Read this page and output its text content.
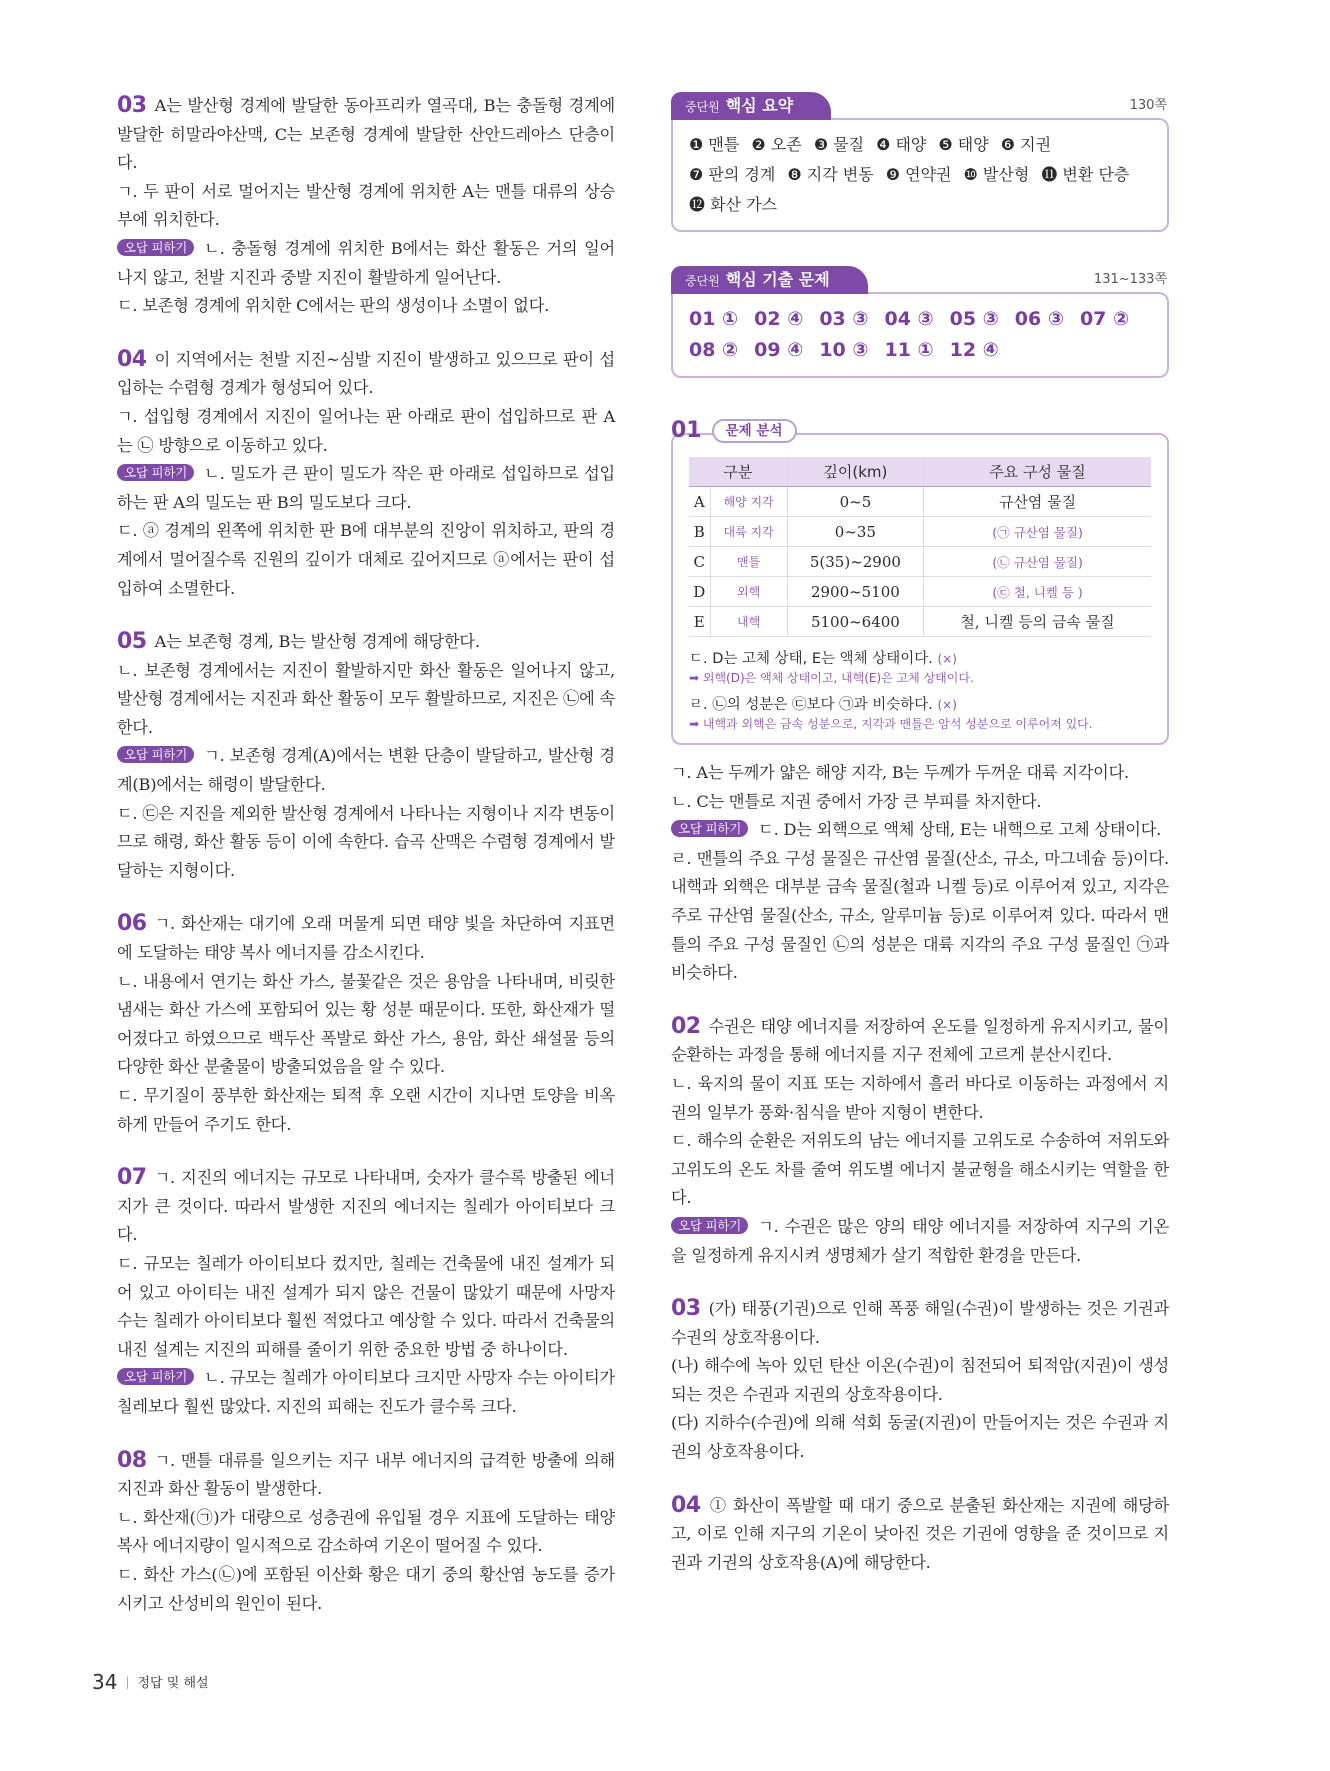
03 A는 발산형 경계에 발달한 동아프리카 열곡대, B는 충돌형 경계에 발달한 히말라야산맥, C는 보존형 경계에 발달한 산안드레아스 단층이다.

ㄱ. 두 판이 서로 멀어지는 발산형 경계에 위치한 A는 맨틀 대류의 상승부에 위치한다.

오답 피하기 ㄴ. 충돌형 경계에 위치한 B에서는 화산 활동은 거의 일어나지 않고, 천발 지진과 중발 지진이 활발하게 일어난다.

ㄷ. 보존형 경계에 위치한 C에서는 판의 생성이나 소멸이 없다.

04 이 지역에서는 천발 지진~심발 지진이 발생하고 있으므로 판이 섭입하는 수렴형 경계가 형성되어 있다.

ㄱ. 섭입형 경계에서 지진이 일어나는 판 아래로 판이 섭입하므로 판 A는 ㉡ 방향으로 이동하고 있다.

오답 피하기 ㄴ. 밀도가 큰 판이 밀도가 작은 판 아래로 섭입하므로 섭입하는 판 A의 밀도는 판 B의 밀도보다 크다.

ㄷ. ⓐ 경계의 왼쪽에 위치한 판 B에 대부분의 진앙이 위치하고, 판의 경계에서 멀어질수록 진원의 깊이가 대체로 깊어지므로 ⓐ에서는 판이 섭입하여 소멸한다.

05 A는 보존형 경계, B는 발산형 경계에 해당한다.

ㄴ. 보존형 경계에서는 지진이 활발하지만 화산 활동은 일어나지 않고, 발산형 경계에서는 지진과 화산 활동이 모두 활발하므로, 지진은 ㉡에 속한다.

오답 피하기 ㄱ. 보존형 경계(A)에서는 변환 단층이 발달하고, 발산형 경계(B)에서는 해령이 발달한다.

ㄷ. ㉢은 지진을 제외한 발산형 경계에서 나타나는 지형이나 지각 변동이므로 해령, 화산 활동 등이 이에 속한다. 습곡 산맥은 수렴형 경계에서 발달하는 지형이다.

06 ㄱ. 화산재는 대기에 오래 머물게 되면 태양 빛을 차단하여 지표면에 도달하는 태양 복사 에너지를 감소시킨다.

ㄴ. 내용에서 연기는 화산 가스, 불꽃같은 것은 용암을 나타내며, 비릿한 냄새는 화산 가스에 포함되어 있는 황 성분 때문이다. 또한, 화산재가 떨어졌다고 하였으므로 백두산 폭발로 화산 가스, 용암, 화산 쇄설물 등의 다양한 화산 분출물이 방출되었음을 알 수 있다.

ㄷ. 무기질이 풍부한 화산재는 퇴적 후 오랜 시간이 지나면 토양을 비옥하게 만들어 주기도 한다.

07 ㄱ. 지진의 에너지는 규모로 나타내며, 숫자가 클수록 방출된 에너지가 큰 것이다. 따라서 발생한 지진의 에너지는 칠레가 아이티보다 크다.

ㄷ. 규모는 칠레가 아이티보다 컸지만, 칠레는 건축물에 내진 설계가 되어 있고 아이티는 내진 설계가 되지 않은 건물이 많았기 때문에 사망자 수는 칠레가 아이티보다 훨씬 적었다고 예상할 수 있다. 따라서 건축물의 내진 설계는 지진의 피해를 줄이기 위한 중요한 방법 중 하나이다.

오답 피하기 ㄴ. 규모는 칠레가 아이티보다 크지만 사망자 수는 아이티가 칠레보다 훨씬 많았다. 지진의 피해는 진도가 클수록 크다.

08 ㄱ. 맨틀 대류를 일으키는 지구 내부 에너지의 급격한 방출에 의해 지진과 화산 활동이 발생한다.

ㄴ. 화산재(㉠)가 대량으로 성층권에 유입될 경우 지표에 도달하는 태양 복사 에너지량이 일시적으로 감소하여 기온이 떨어질 수 있다.

ㄷ. 화산 가스(㉡)에 포함된 이산화 황은 대기 중의 황산염 농도를 증가시키고 산성비의 원인이 된다.

중단원 핵심 요약	130쪽
❶ 맨틀 ❷ 오존 ❸ 물질 ❹ 태양 ❺ 태양 ❻ 지권
❼ 판의 경계 ❽ 지각 변동 ❾ 연약권 ❿ 발산형 ⓫ 변환 단층
⓬ 화산 가스
중단원 핵심 기출 문제	131~133쪽
01 ① 02 ④ 03 ③ 04 ③ 05 ③ 06 ③ 07 ②
08 ② 09 ④ 10 ③ 11 ① 12 ④
01	문제 분석
구분		깊이(km)	주요 구성 물질
A	해양 지각	0~5	규산염 물질
B	대륙 지각	0~35	(㉠ 규산염 물질)
C	맨틀	5(35)~2900	(㉡ 규산염 물질)
D	외핵	2900~5100	(㉢ 철, 니켈 등 )
E	내핵	5100~6400	철, 니켈 등의 금속 물질
ㄷ. D는 고체 상태, E는 액체 상태이다. (×)
➡ 외핵(D)은 액체 상태이고, 내핵(E)은 고체 상태이다.
ㄹ. ㉡의 성분은 ㉢보다 ㉠과 비슷하다. (×)
➡ 내핵과 외핵은 금속 성분으로, 지각과 맨틀은 암석 성분으로 이루어져 있다.

ㄱ. A는 두께가 얇은 해양 지각, B는 두께가 두꺼운 대륙 지각이다.

ㄴ. C는 맨틀로 지권 중에서 가장 큰 부피를 차지한다.

오답 피하기 ㄷ. D는 외핵으로 액체 상태, E는 내핵으로 고체 상태이다.

ㄹ. 맨틀의 주요 구성 물질은 규산염 물질(산소, 규소, 마그네슘 등)이다. 내핵과 외핵은 대부분 금속 물질(철과 니켈 등)로 이루어져 있고, 지각은 주로 규산염 물질(산소, 규소, 알루미늄 등)로 이루어져 있다. 따라서 맨틀의 주요 구성 물질인 ㉡의 성분은 대륙 지각의 주요 구성 물질인 ㉠과 비슷하다.

02 수권은 태양 에너지를 저장하여 온도를 일정하게 유지시키고, 물이 순환하는 과정을 통해 에너지를 지구 전체에 고르게 분산시킨다.

ㄴ. 육지의 물이 지표 또는 지하에서 흘러 바다로 이동하는 과정에서 지권의 일부가 풍화·침식을 받아 지형이 변한다.

ㄷ. 해수의 순환은 저위도의 남는 에너지를 고위도로 수송하여 저위도와 고위도의 온도 차를 줄여 위도별 에너지 불균형을 해소시키는 역할을 한다.

오답 피하기 ㄱ. 수권은 많은 양의 태양 에너지를 저장하여 지구의 기온을 일정하게 유지시켜 생명체가 살기 적합한 환경을 만든다.

03 (가) 태풍(기권)으로 인해 폭풍 해일(수권)이 발생하는 것은 기권과 수권의 상호작용이다.

(나) 해수에 녹아 있던 탄산 이온(수권)이 침전되어 퇴적암(지권)이 생성되는 것은 수권과 지권의 상호작용이다.

(다) 지하수(수권)에 의해 석회 동굴(지권)이 만들어지는 것은 수권과 지권의 상호작용이다.

04 ① 화산이 폭발할 때 대기 중으로 분출된 화산재는 지권에 해당하고, 이로 인해 지구의 기온이 낮아진 것은 기권에 영향을 준 것이므로 지권과 기권의 상호작용(A)에 해당한다.

34 | 정답 및 해설
